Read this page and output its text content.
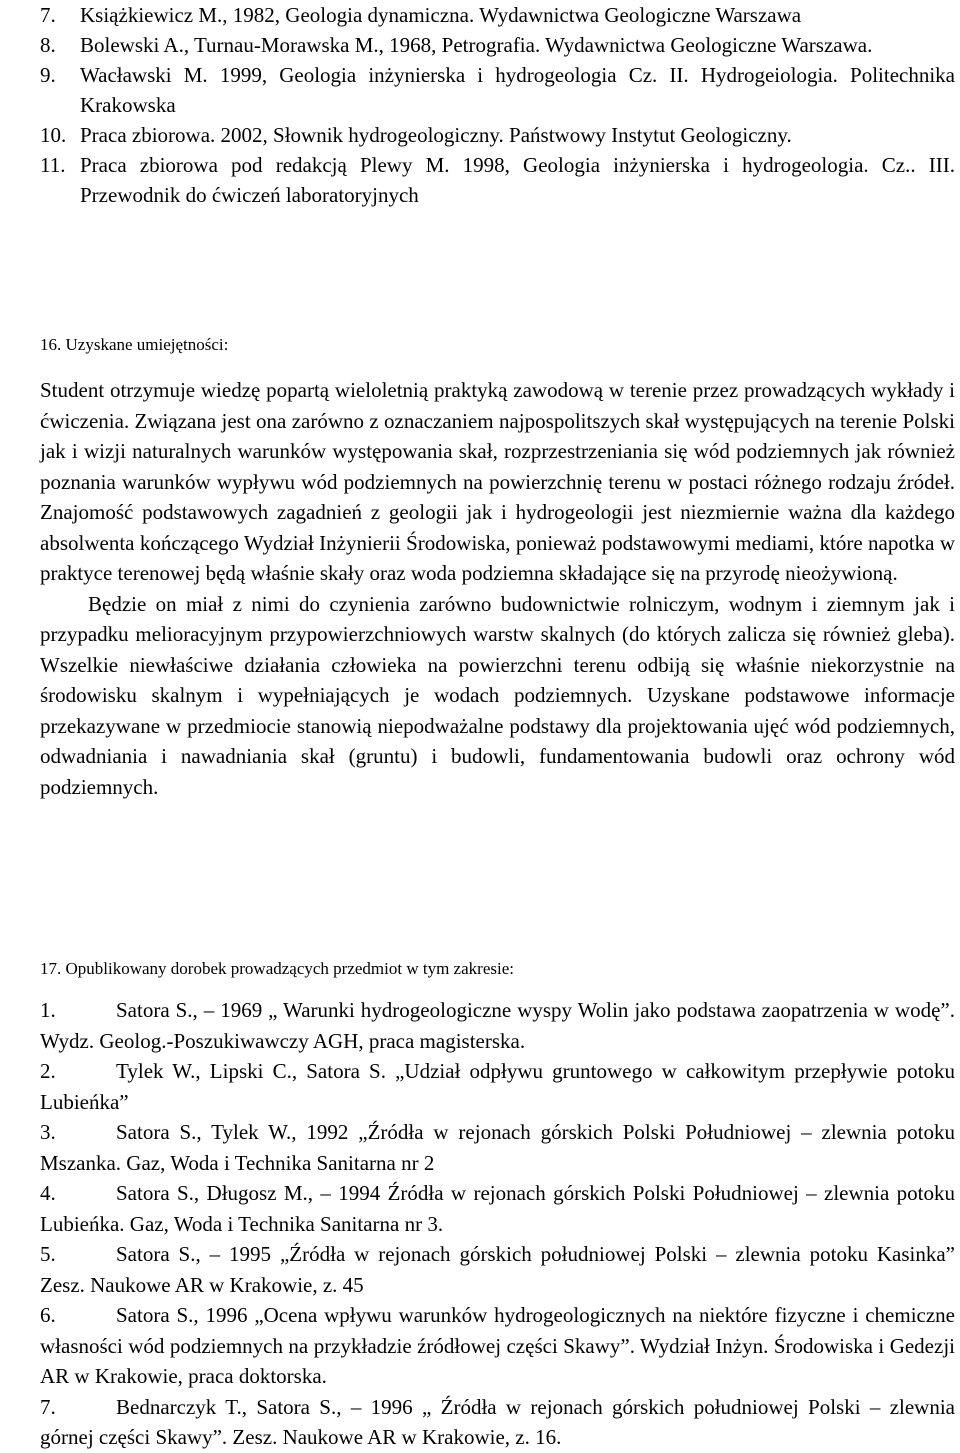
7.	Książkiewicz M., 1982, Geologia dynamiczna. Wydawnictwa Geologiczne Warszawa
8.	Bolewski A., Turnau-Morawska M., 1968, Petrografia. Wydawnictwa Geologiczne Warszawa.
9.	Wacławski M. 1999, Geologia inżynierska i hydrogeologia Cz. II. Hydrogeiologia. Politechnika Krakowska
10. Praca zbiorowa. 2002, Słownik hydrogeologiczny. Państwowy Instytut Geologiczny.
11. Praca zbiorowa pod redakcją Plewy M. 1998, Geologia inżynierska i hydrogeologia. Cz.. III. Przewodnik do ćwiczeń laboratoryjnych
16. Uzyskane umiejętności:

Student otrzymuje wiedzę popartą wieloletnią praktyką zawodową w terenie przez prowadzących wykłady i ćwiczenia. Związana jest ona zarówno z oznaczaniem najpospolitszych skał występujących na terenie Polski jak i wizji naturalnych warunków występowania skał, rozprzestrzeniania się wód podziemnych jak również poznania warunków wypływu wód podziemnych na powierzchnię terenu w postaci różnego rodzaju źródeł. Znajomość podstawowych zagadnień z geologii jak i hydrogeologii jest niezmiernie ważna dla każdego absolwenta kończącego Wydział Inżynierii Środowiska, ponieważ podstawowymi mediami, które napotka w praktyce terenowej będą właśnie skały oraz woda podziemna składające się na przyrodę nieożywioną.

Będzie on miał z nimi do czynienia zarówno budownictwie rolniczym, wodnym i ziemnym jak i przypadku melioracyjnym przypowierzchniowych warstw skalnych (do których zalicza się również gleba). Wszelkie niewłaściwe działania człowieka na powierzchni terenu odbiją się właśnie niekorzystnie na środowisku skalnym i wypełniających je wodach podziemnych. Uzyskane podstawowe informacje przekazywane w przedmiocie stanowią niepodważalne podstawy dla projektowania ujęć wód podziemnych, odwadniania i nawadniania skał (gruntu) i budowli, fundamentowania budowli oraz ochrony wód podziemnych.

17. Opublikowany dorobek prowadzących przedmiot w tym zakresie:

1.	Satora S., – 1969 „ Warunki hydrogeologiczne wyspy Wolin jako podstawa zaopatrzenia w wodę”. Wydz. Geolog.-Poszukiwawczy AGH, praca magisterska.

2.	Tylek W., Lipski C., Satora S. „Udział odpływu gruntowego w całkowitym przepływie potoku Lubieńka”

3.	Satora S., Tylek W., 1992 „Źródła w rejonach górskich Polski Południowej – zlewnia potoku Mszanka. Gaz, Woda i Technika Sanitarna nr 2

4.	Satora S., Długosz M., – 1994 Źródła w rejonach górskich Polski Południowej – zlewnia potoku Lubieńka. Gaz, Woda i Technika Sanitarna nr 3.

5.	Satora S., – 1995 „Źródła w rejonach górskich południowej Polski – zlewnia potoku Kasinka” Zesz. Naukowe AR w Krakowie, z. 45

6.	Satora S., 1996 „Ocena wpływu warunków hydrogeologicznych na niektóre fizyczne i chemiczne własności wód podziemnych na przykładzie źródłowej części Skawy”. Wydział Inżyn. Środowiska i Gedezji AR w Krakowie, praca doktorska.

7.	Bednarczyk T., Satora S., – 1996 „ Źródła w rejonach górskich południowej Polski – zlewnia górnej części Skawy”. Zesz. Naukowe AR w Krakowie, z. 16.
